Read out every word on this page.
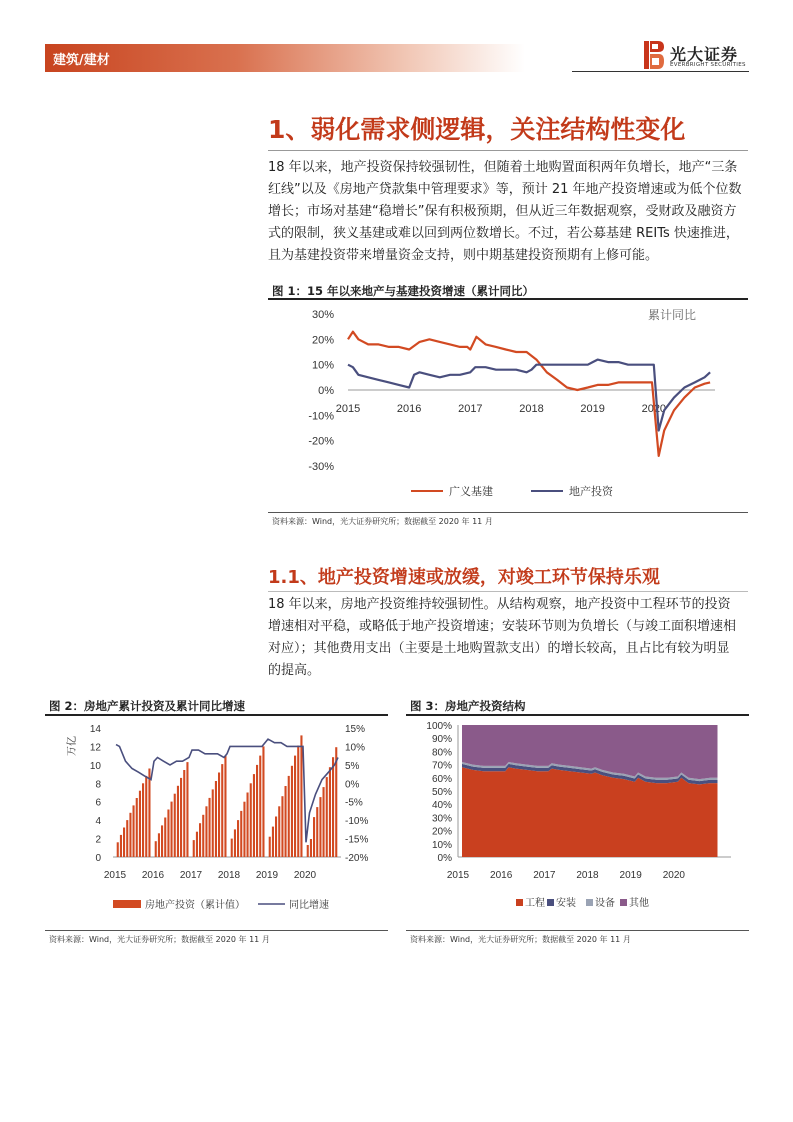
建筑/建材	光大证券
EVERBRIGHT SECURITIES
1、弱化需求侧逻辑，关注结构性变化
18 年以来，地产投资保持较强韧性，但随着土地购置面积两年负增长，地产“三条
红线”以及《房地产贷款集中管理要求》等，预计 21 年地产投资增速或为低个位数
增长；市场对基建“稳增长”保有积极预期，但从近三年数据观察，受财政及融资方
式的限制，狭义基建或难以回到两位数增长。不过，若公募基建 REITs 快速推进，
且为基建投资带来增量资金支持，则中期基建投资预期有上修可能。
图 1：15 年以来地产与基建投资增速（累计同比）
30%
20%
10%
0%
-10%
-20%
-30%
2015	2016	2017	2018	2019	2020
累计同比
广义基建	地产投资
资料来源：Wind，光大证券研究所；数据截至 2020 年 11 月
1.1、地产投资增速或放缓，对竣工环节保持乐观
18 年以来，房地产投资维持较强韧性。从结构观察，地产投资中工程环节的投资
增速相对平稳，或略低于地产投资增速；安装环节则为负增长（与竣工面积增速相
对应）；其他费用支出（主要是土地购置款支出）的增长较高，且占比有较为明显
的提高。
图 2：房地产累计投资及累计同比增速
万亿
14
12
10
8
6
4
2
0
15%
10%
5%
0%
-5%
-10%
-15%
-20%
2015 2016 2017 2018 2019 2020
房地产投资（累计值）	同比增速
资料来源：Wind，光大证券研究所；数据截至 2020 年 11 月
图 3：房地产投资结构
100%
90%
80%
70%
60%
50%
40%
30%
20%
10%
0%
2015 2016 2017 2018 2019 2020
工程 安装 设备 其他
资料来源：Wind，光大证券研究所；数据截至 2020 年 11 月
